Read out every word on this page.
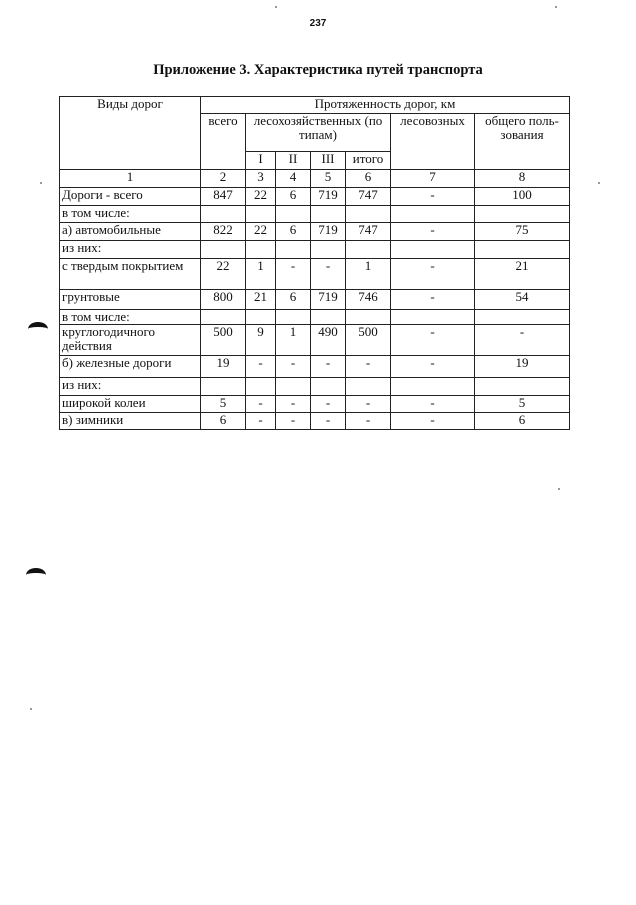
237
Приложение 3. Характеристика путей транспорта
Виды дорог	Протяженность дорог, км						
	всего	лесохозяйственных (по типам)				лесовозных	общего поль-зования
		I	II	III	итого		
1	2	3	4	5	6	7	8
Дороги - всего	847	22	6	719	747	-	100
в том числе:							
а) автомобильные	822	22	6	719	747	-	75
из них:							
с твердым покрытием	22	1	-	-	1	-	21
грунтовые	800	21	6	719	746	-	54
в том числе:							
круглогодичного действия	500	9	1	490	500	-	-
б) железные дороги	19	-	-	-	-	-	19
из них:							
широкой колеи	5	-	-	-	-	-	5
в) зимники	6	-	-	-	-	-	6
